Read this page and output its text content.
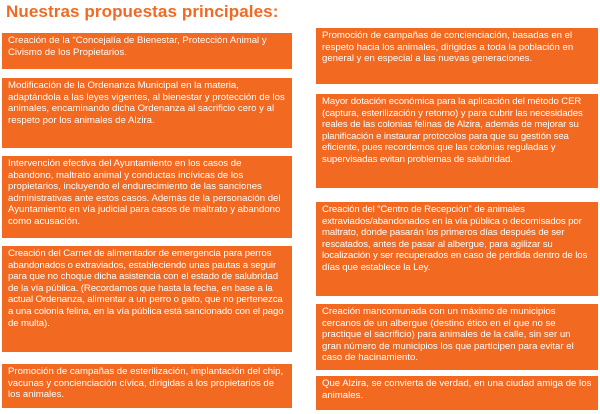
Nuestras propuestas principales:

Creación de la “Concejalía de Bienestar, Protección Animal y Civismo de los Propietarios.

Modificación de la Ordenanza Municipal en la materia, adaptándola a las leyes vigentes, al bienestar y protección de los animales, encaminando dicha Ordenanza al sacrificio cero y al respeto por los animales de Alzira.

Intervención efectiva del Ayuntamiento en los casos de abandono, maltrato animal y conductas incívicas de los propietarios, incluyendo el endurecimiento de las sanciones administrativas ante estos casos. Además de la personación del Ayuntamiento en vía judicial para casos de maltrato y abandono como acusación.

Creación del Carnet de alimentador de emergencia para perros abandonados o extraviados, estableciendo unas pautas a seguir para que no choque dicha asistencia con el estado de salubridad de la vía pública. (Recordamos que hasta la fecha, en base a la actual Ordenanza, alimentar a un perro o gato, que no pertenezca a una colonia felina, en la vía pública está sancionado con el pago de multa).

Promoción de campañas de esterilización, implantación del chip, vacunas y concienciación cívica, dirigidas a los propietarios de los animales.

Promoción de campañas de concienciación, basadas en el respeto hacia los animales, dirigidas a toda la población en general y en especial a las nuevas generaciones.

Mayor dotación económica para la aplicación del método CER (captura, esterilización y retorno) y para cubrir las necesidades reales de las colonias felinas de Alzira, además de mejorar su planificación e instaurar protocolos para que su gestión sea eficiente, pues recordemos que las colonias reguladas y supervisadas evitan problemas de salubridad.

Creación del “Centro de Recepción” de animales extraviados/abandonados en la vía pública o decomisados por maltrato, donde pasarán los primeros días después de ser rescatados, antes de pasar al albergue, para agilizar su localización y ser recuperados en caso de pérdida dentro de los días que establece la Ley.

Creación mancomunada con un máximo de municipios cercanos de un albergue (destino ético en el que no se practique el sacrificio) para animales de la calle, sin ser un gran número de municipios los que participen para evitar el caso de hacinamiento.

Que Alzira, se convierta de verdad, en una ciudad amiga de los animales.
